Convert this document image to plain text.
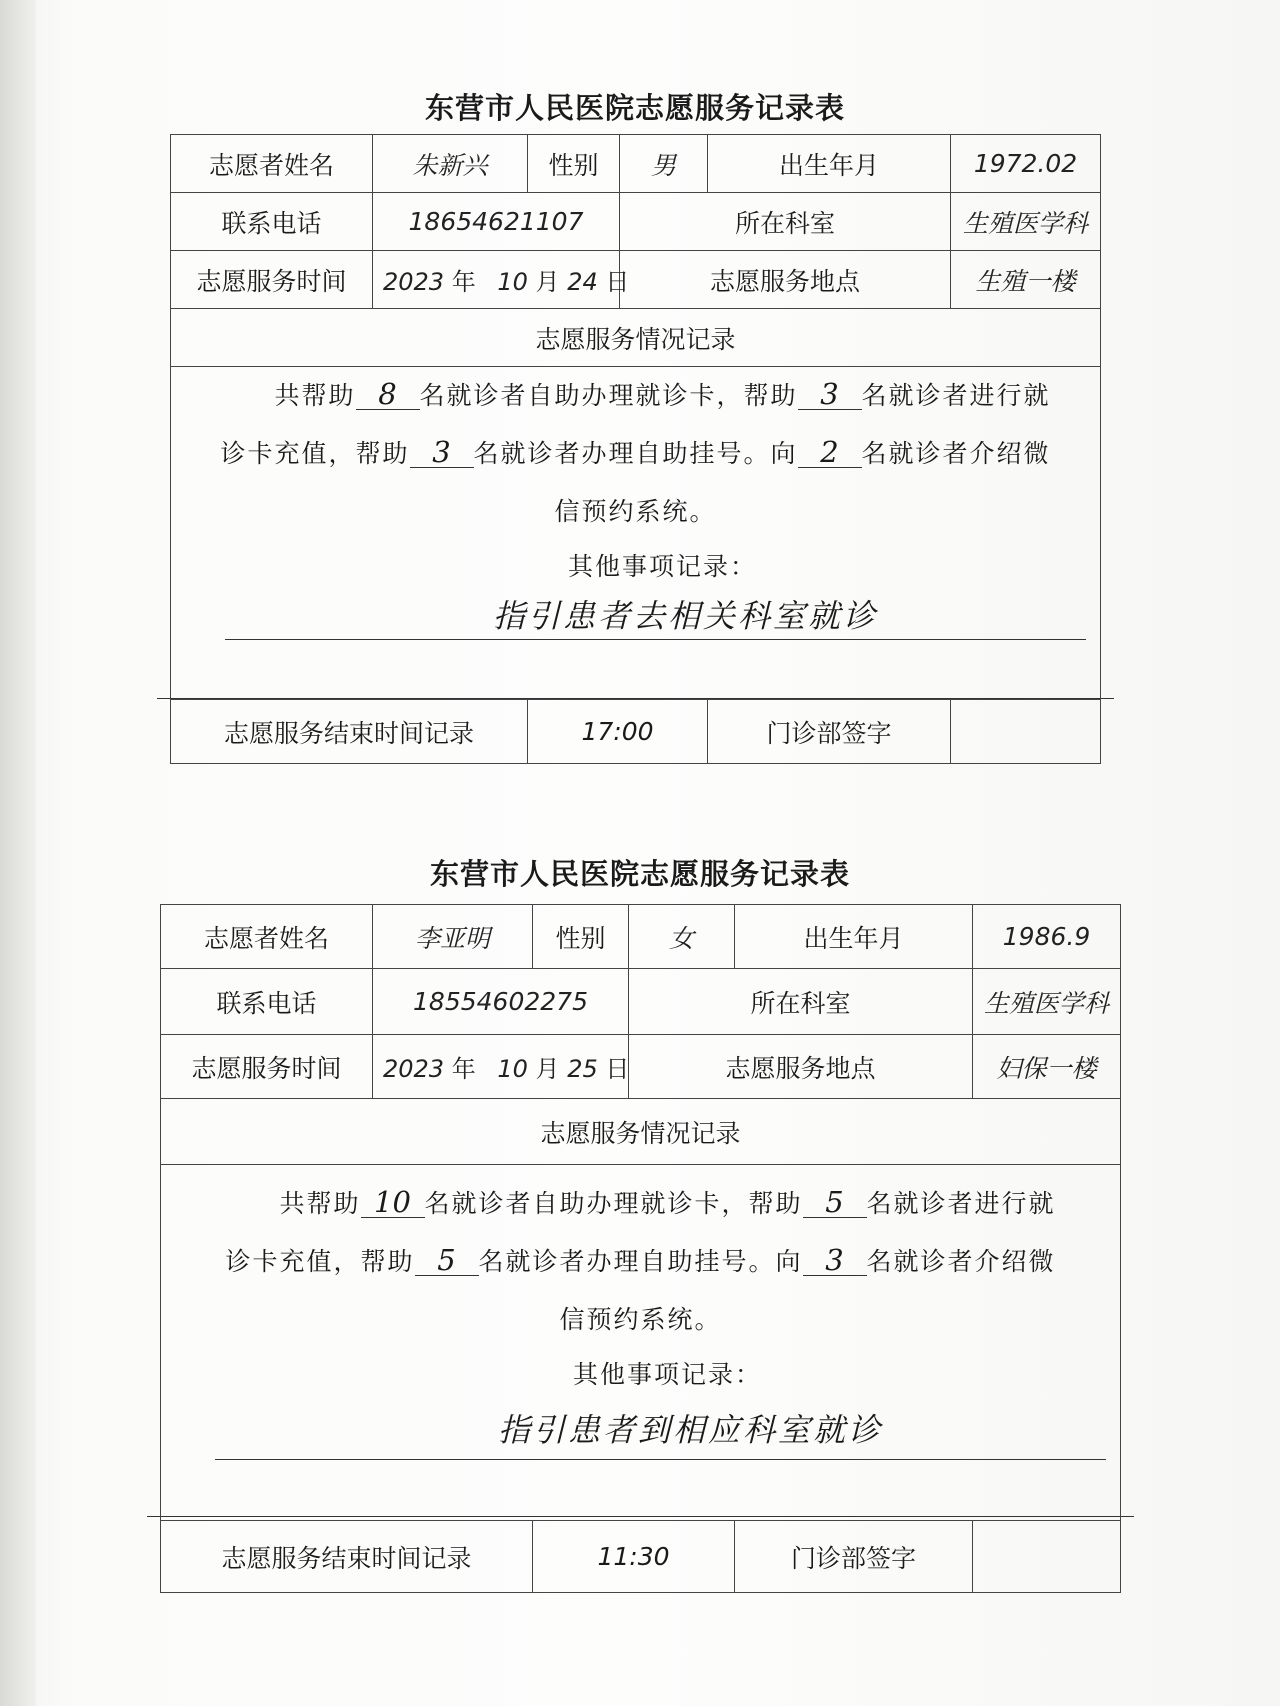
东营市人民医院志愿服务记录表
志愿者姓名	朱新兴	性别	男	出生年月	1972.02
联系电话	18654621107		所在科室		生殖医学科
志愿服务时间	2023 年 10 月 24 日		志愿服务地点		生殖一楼
志愿服务情况记录					

共帮助 8 名就诊者自助办理就诊卡，帮助 3 名就诊者进行就
诊卡充值，帮助 3 名就诊者办理自助挂号。向 2 名就诊者介绍微
信预约系统。
其他事项记录：
指引患者去相关科室就诊					

志愿服务结束时间记录		17:00		门诊部签字	
东营市人民医院志愿服务记录表
志愿者姓名	李亚明	性别	女	出生年月	1986.9
联系电话	18554602275		所在科室		生殖医学科
志愿服务时间	2023 年 10 月 25 日		志愿服务地点		妇保一楼
志愿服务情况记录					

共帮助 10 名就诊者自助办理就诊卡，帮助 5 名就诊者进行就
诊卡充值，帮助 5 名就诊者办理自助挂号。向 3 名就诊者介绍微
信预约系统。
其他事项记录：
指引患者到相应科室就诊					

志愿服务结束时间记录		11:30		门诊部签字	
